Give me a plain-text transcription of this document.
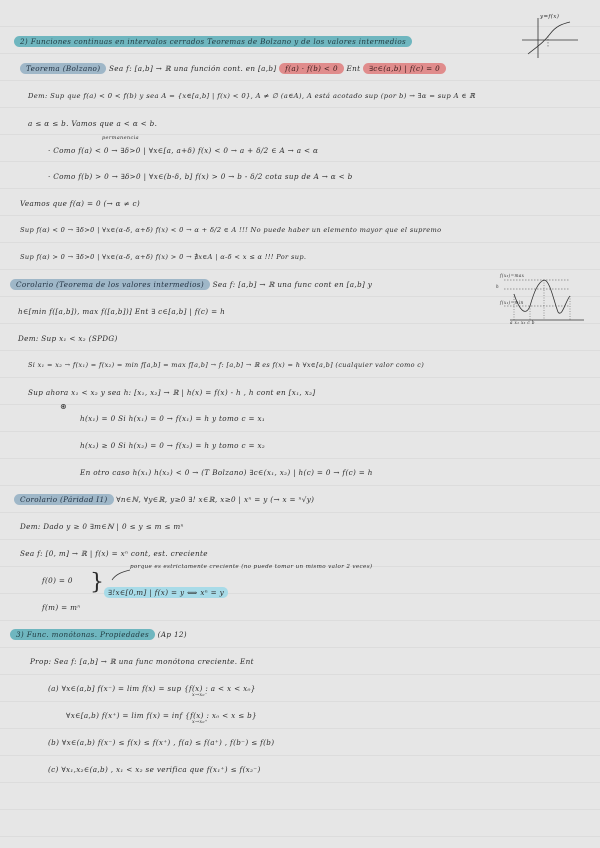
y=f(x)
2) Funciones continuas en intervalos cerrados Teoremas de Bolzano y de los valores intermedios
Teorema (Bolzano) Sea f: [a,b] → ℝ una función cont. en [a,b] f(a) · f(b) < 0 Ent ∃c∈(a,b) | f(c) = 0
Dem: Sup que f(a) < 0 < f(b) y sea A = {x∈[a,b] | f(x) < 0}, A ≠ ∅ (a∈A), A está acotado sup (por b) → ∃α = sup A ∈ ℝ
a ≤ α ≤ b. Vamos que a < α < b.
permanencia
· Como f(a) < 0 → ∃δ>0 | ∀x∈[a, a+δ) f(x) < 0 → a + δ/2 ∈ A → a < α
· Como f(b) > 0 → ∃δ>0 | ∀x∈(b-δ, b] f(x) > 0 → b - δ/2 cota sup de A → α < b
Veamos que f(α) = 0 (→ α ≠ c)
Sup f(α) < 0 → ∃δ>0 | ∀x∈(α-δ, α+δ) f(x) < 0 → α + δ/2 ∈ A !!! No puede haber un elemento mayor que el supremo
Sup f(α) > 0 → ∃δ>0 | ∀x∈(α-δ, α+δ) f(x) > 0 → ∄x∈A | α-δ < x ≤ α !!! Por sup.
Corolario (Teorema de los valores intermedios) Sea f: [a,b] → ℝ una func cont en [a,b] y
h∈[min f([a,b]), max f([a,b])] Ent ∃ c∈[a,b] | f(c) = h
f(x₂)=max
h
f(x₁)=min
a x₁ x₂ c b
Dem: Sup x₁ < x₂ (SPDG)
Si x₁ = x₂ → f(x₁) = f(x₂) = min f[a,b] = max f[a,b] → f: [a,b] → ℝ es f(x) = h ∀x∈[a,b] (cualquier valor como c)
Sup ahora x₁ < x₂ y sea h: [x₁, x₂] → ℝ | h(x) = f(x) - h , h cont en [x₁, x₂]
⊛
h(x₁) = 0 Si h(x₁) = 0 → f(x₁) = h y tomo c = x₁
h(x₂) ≥ 0 Si h(x₂) = 0 → f(x₂) = h y tomo c = x₂
En otro caso h(x₁) h(x₂) < 0 → (T Bolzano) ∃c∈(x₁, x₂) | h(c) = 0 → f(c) = h
Corolario (Páridad I1) ∀n∈ℕ, ∀y∈ℝ, y≥0 ∃! x∈ℝ, x≥0 | xⁿ = y (→ x = ⁿ√y)
Dem: Dado y ≥ 0 ∃m∈ℕ | 0 ≤ y ≤ m ≤ mⁿ
Sea f: [0, m] → ℝ | f(x) = xⁿ cont, est. creciente
porque es estrictamente creciente (no puede tomar un mismo valor 2 veces)
f(0) = 0
f(m) = mⁿ
} ∃!x∈[0,m] | f(x) = y ⟺ xⁿ = y
3) Func. monótonas. Propiedades (Ap 12)
Prop: Sea f: [a,b] → ℝ una func monótona creciente. Ent
(a) ∀x∈(a,b] f(x⁻) = lim f(x) = sup {f(x) : a < x < x₀}
x→x₀⁻
∀x∈[a,b) f(x⁺) = lim f(x) = inf {f(x) : x₀ < x ≤ b}
x→x₀⁺
(b) ∀x∈(a,b) f(x⁻) ≤ f(x) ≤ f(x⁺) , f(a) ≤ f(a⁺) , f(b⁻) ≤ f(b)
(c) ∀x₁,x₂∈(a,b) , x₁ < x₂ se verifica que f(x₁⁺) ≤ f(x₂⁻)
